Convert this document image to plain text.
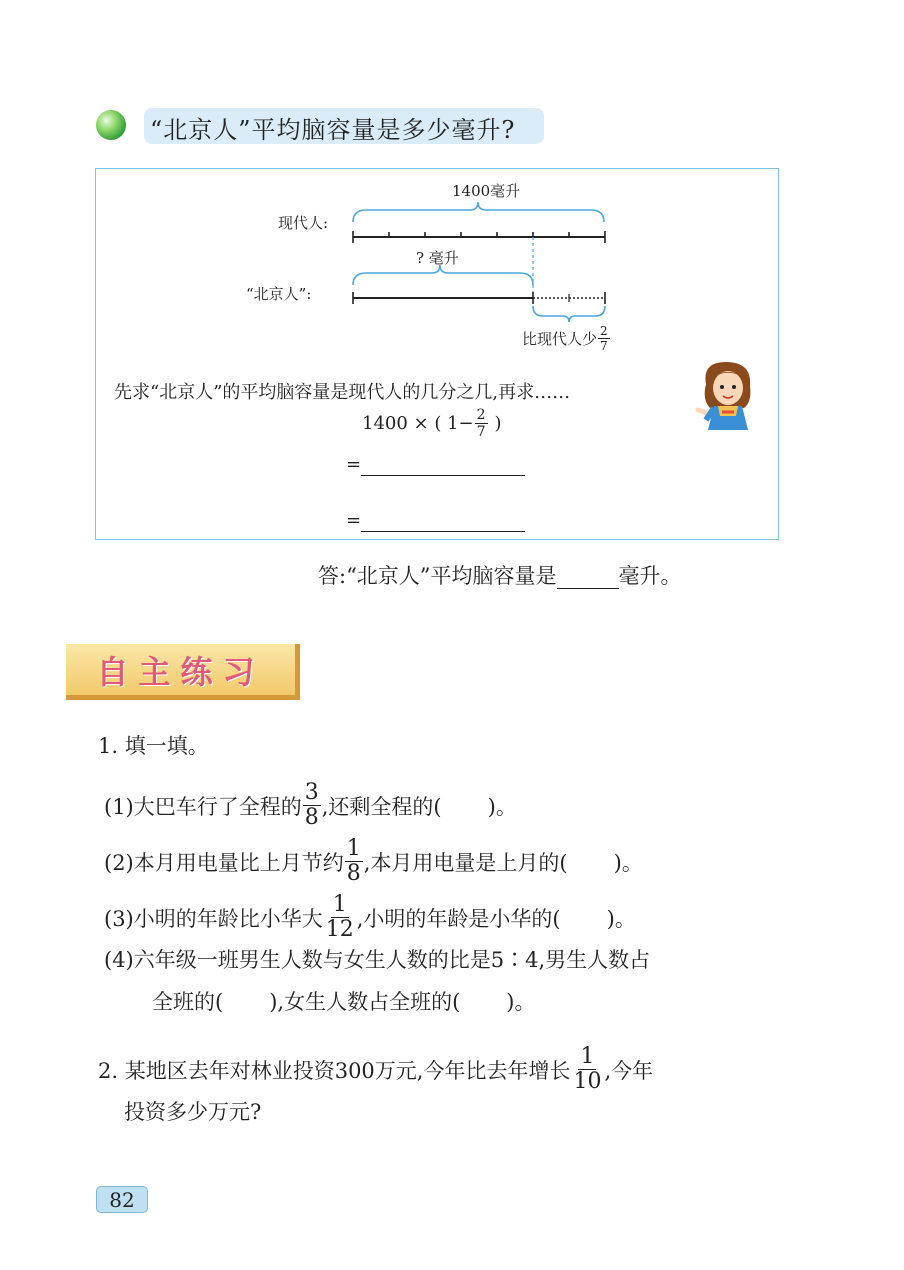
“北京人”平均脑容量是多少毫升?
现代人:
1400毫升
“北京人”:
? 毫升
比现代人少 $\frac{2}{7}$
先求“北京人”的平均脑容量是现代人的几分之几,再求……
1400 × ( $1- \frac{2}{7}$ )
=
=
答:“北京人”平均脑容量是	毫升。
自主练习
1. 填一填。
(1)大巴车行了全程的 $\frac{3}{8}$ ,还剩全程的( )。
(2)本月用电量比上月节约 $\frac{1}{8}$ ,本月用电量是上月的( )。
(3)小明的年龄比小华大 $\frac{1}{12}$ ,小明的年龄是小华的( )。
(4)六年级一班男生人数与女生人数的比是5∶4,男生人数占
全班的( ),女生人数占全班的( )。
2. 某地区去年对林业投资300万元,今年比去年增长 $\frac{1}{10}$ ,今年
投资多少万元?
82
